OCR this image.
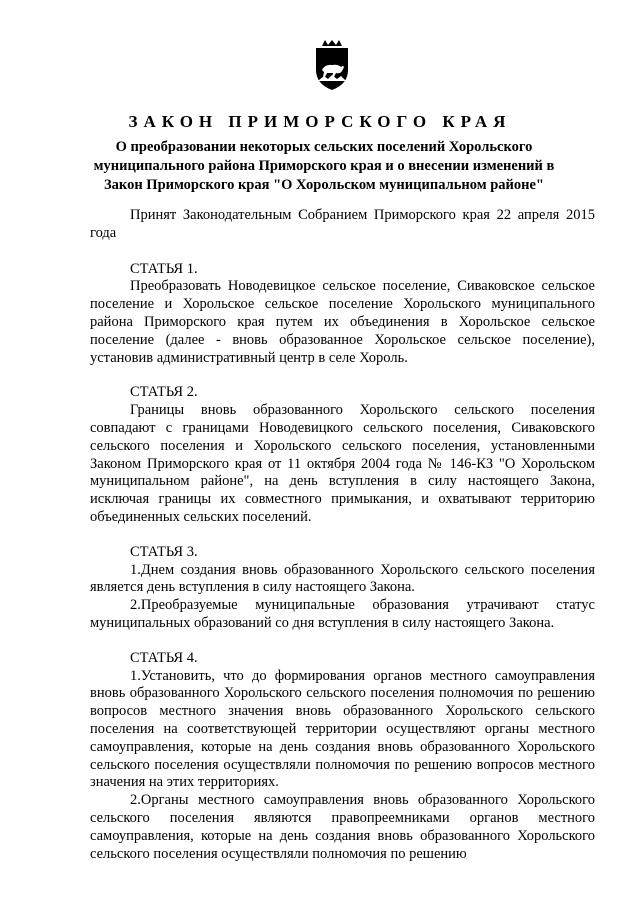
ЗАКОН ПРИМОРСКОГО КРАЯ

О преобразовании некоторых сельских поселений Хорольского муниципального района Приморского края и о внесении изменений в Закон Приморского края "О Хорольском муниципальном районе"

Принят Законодательным Собранием Приморского края 22 апреля 2015 года

СТАТЬЯ 1.

Преобразовать Новодевицкое сельское поселение, Сиваковское сельское поселение и Хорольское сельское поселение Хорольского муниципального района Приморского края путем их объединения в Хорольское сельское поселение (далее - вновь образованное Хорольское сельское поселение), установив административный центр в селе Хороль.

СТАТЬЯ 2.

Границы вновь образованного Хорольского сельского поселения совпадают с границами Новодевицкого сельского поселения, Сиваковского сельского поселения и Хорольского сельского поселения, установленными Законом Приморского края от 11 октября 2004 года № 146-КЗ "О Хорольском муниципальном районе", на день вступления в силу настоящего Закона, исключая границы их совместного примыкания, и охватывают территорию объединенных сельских поселений.

СТАТЬЯ 3.

1.Днем создания вновь образованного Хорольского сельского поселения является день вступления в силу настоящего Закона.

2.Преобразуемые муниципальные образования утрачивают статус муниципальных образований со дня вступления в силу настоящего Закона.

СТАТЬЯ 4.

1.Установить, что до формирования органов местного самоуправления вновь образованного Хорольского сельского поселения полномочия по решению вопросов местного значения вновь образованного Хорольского сельского поселения на соответствующей территории осуществляют органы местного самоуправления, которые на день создания вновь образованного Хорольского сельского поселения осуществляли полномочия по решению вопросов местного значения на этих территориях.

2.Органы местного самоуправления вновь образованного Хорольского сельского поселения являются правопреемниками органов местного самоуправления, которые на день создания вновь образованного Хорольского сельского поселения осуществляли полномочия по решению
